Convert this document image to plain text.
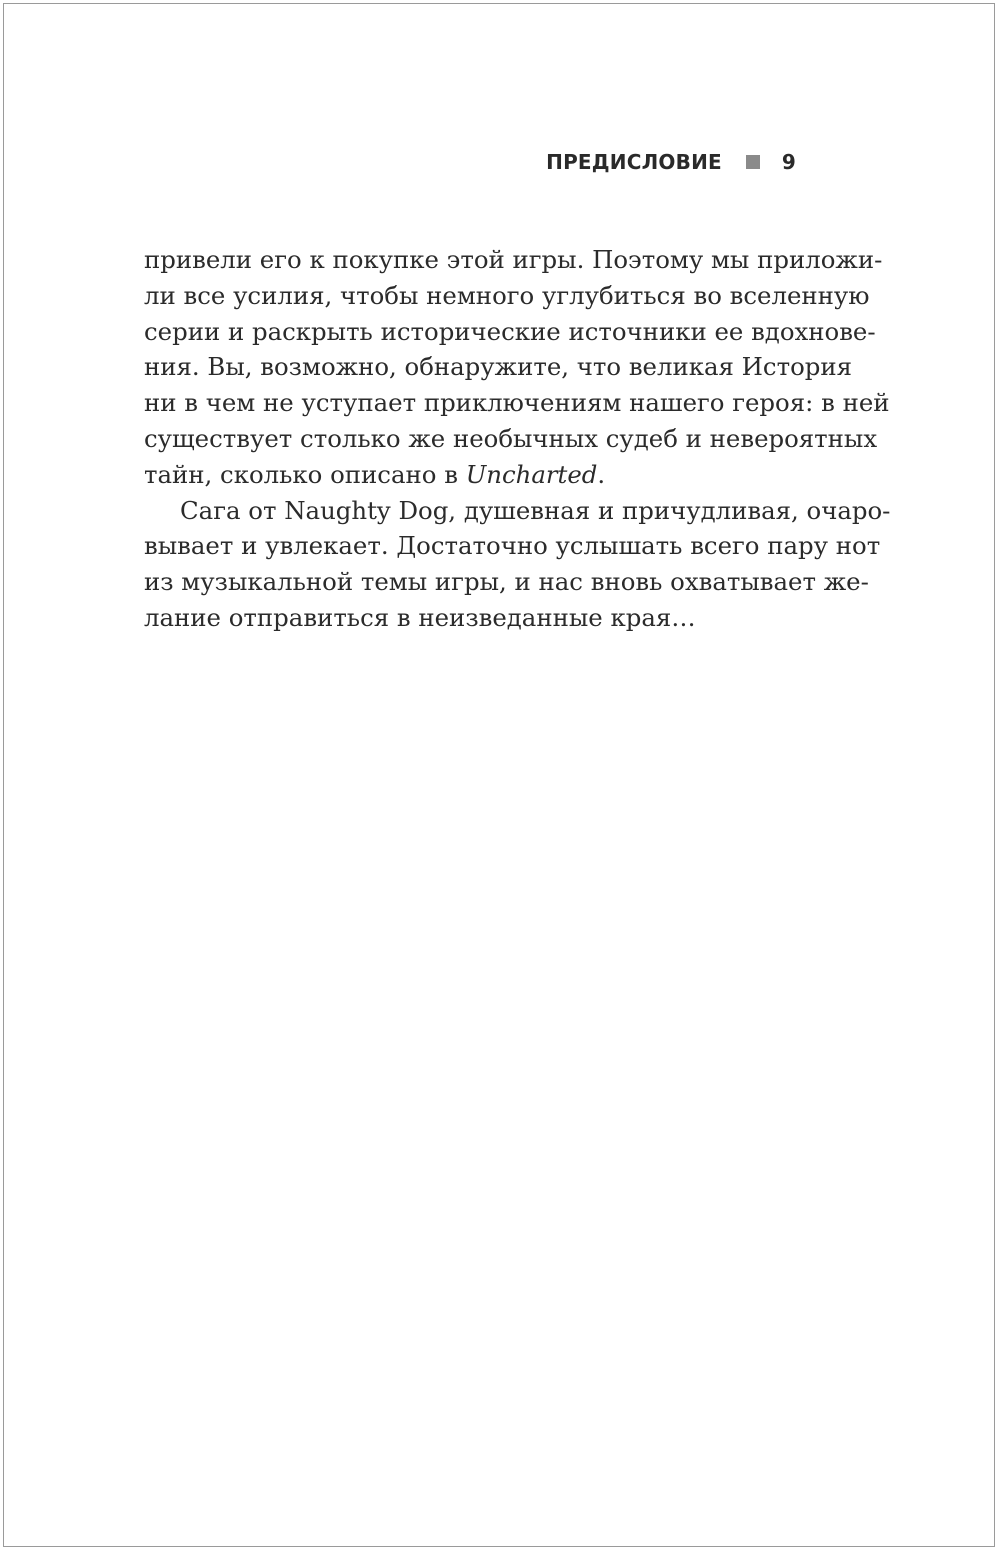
ПРЕДИСЛОВИЕ	9
привели его к покупке этой игры. Поэтому мы приложи-
ли все усилия, чтобы немного углубиться во вселенную
серии и раскрыть исторические источники ее вдохнове-
ния. Вы, возможно, обнаружите, что великая История
ни в чем не уступает приключениям нашего героя: в ней
существует столько же необычных судеб и невероятных
тайн, сколько описано в Uncharted.
Сага от Naughty Dog, душевная и причудливая, очаро-
вывает и увлекает. Достаточно услышать всего пару нот
из музыкальной темы игры, и нас вновь охватывает же-
лание отправиться в неизведанные края…
